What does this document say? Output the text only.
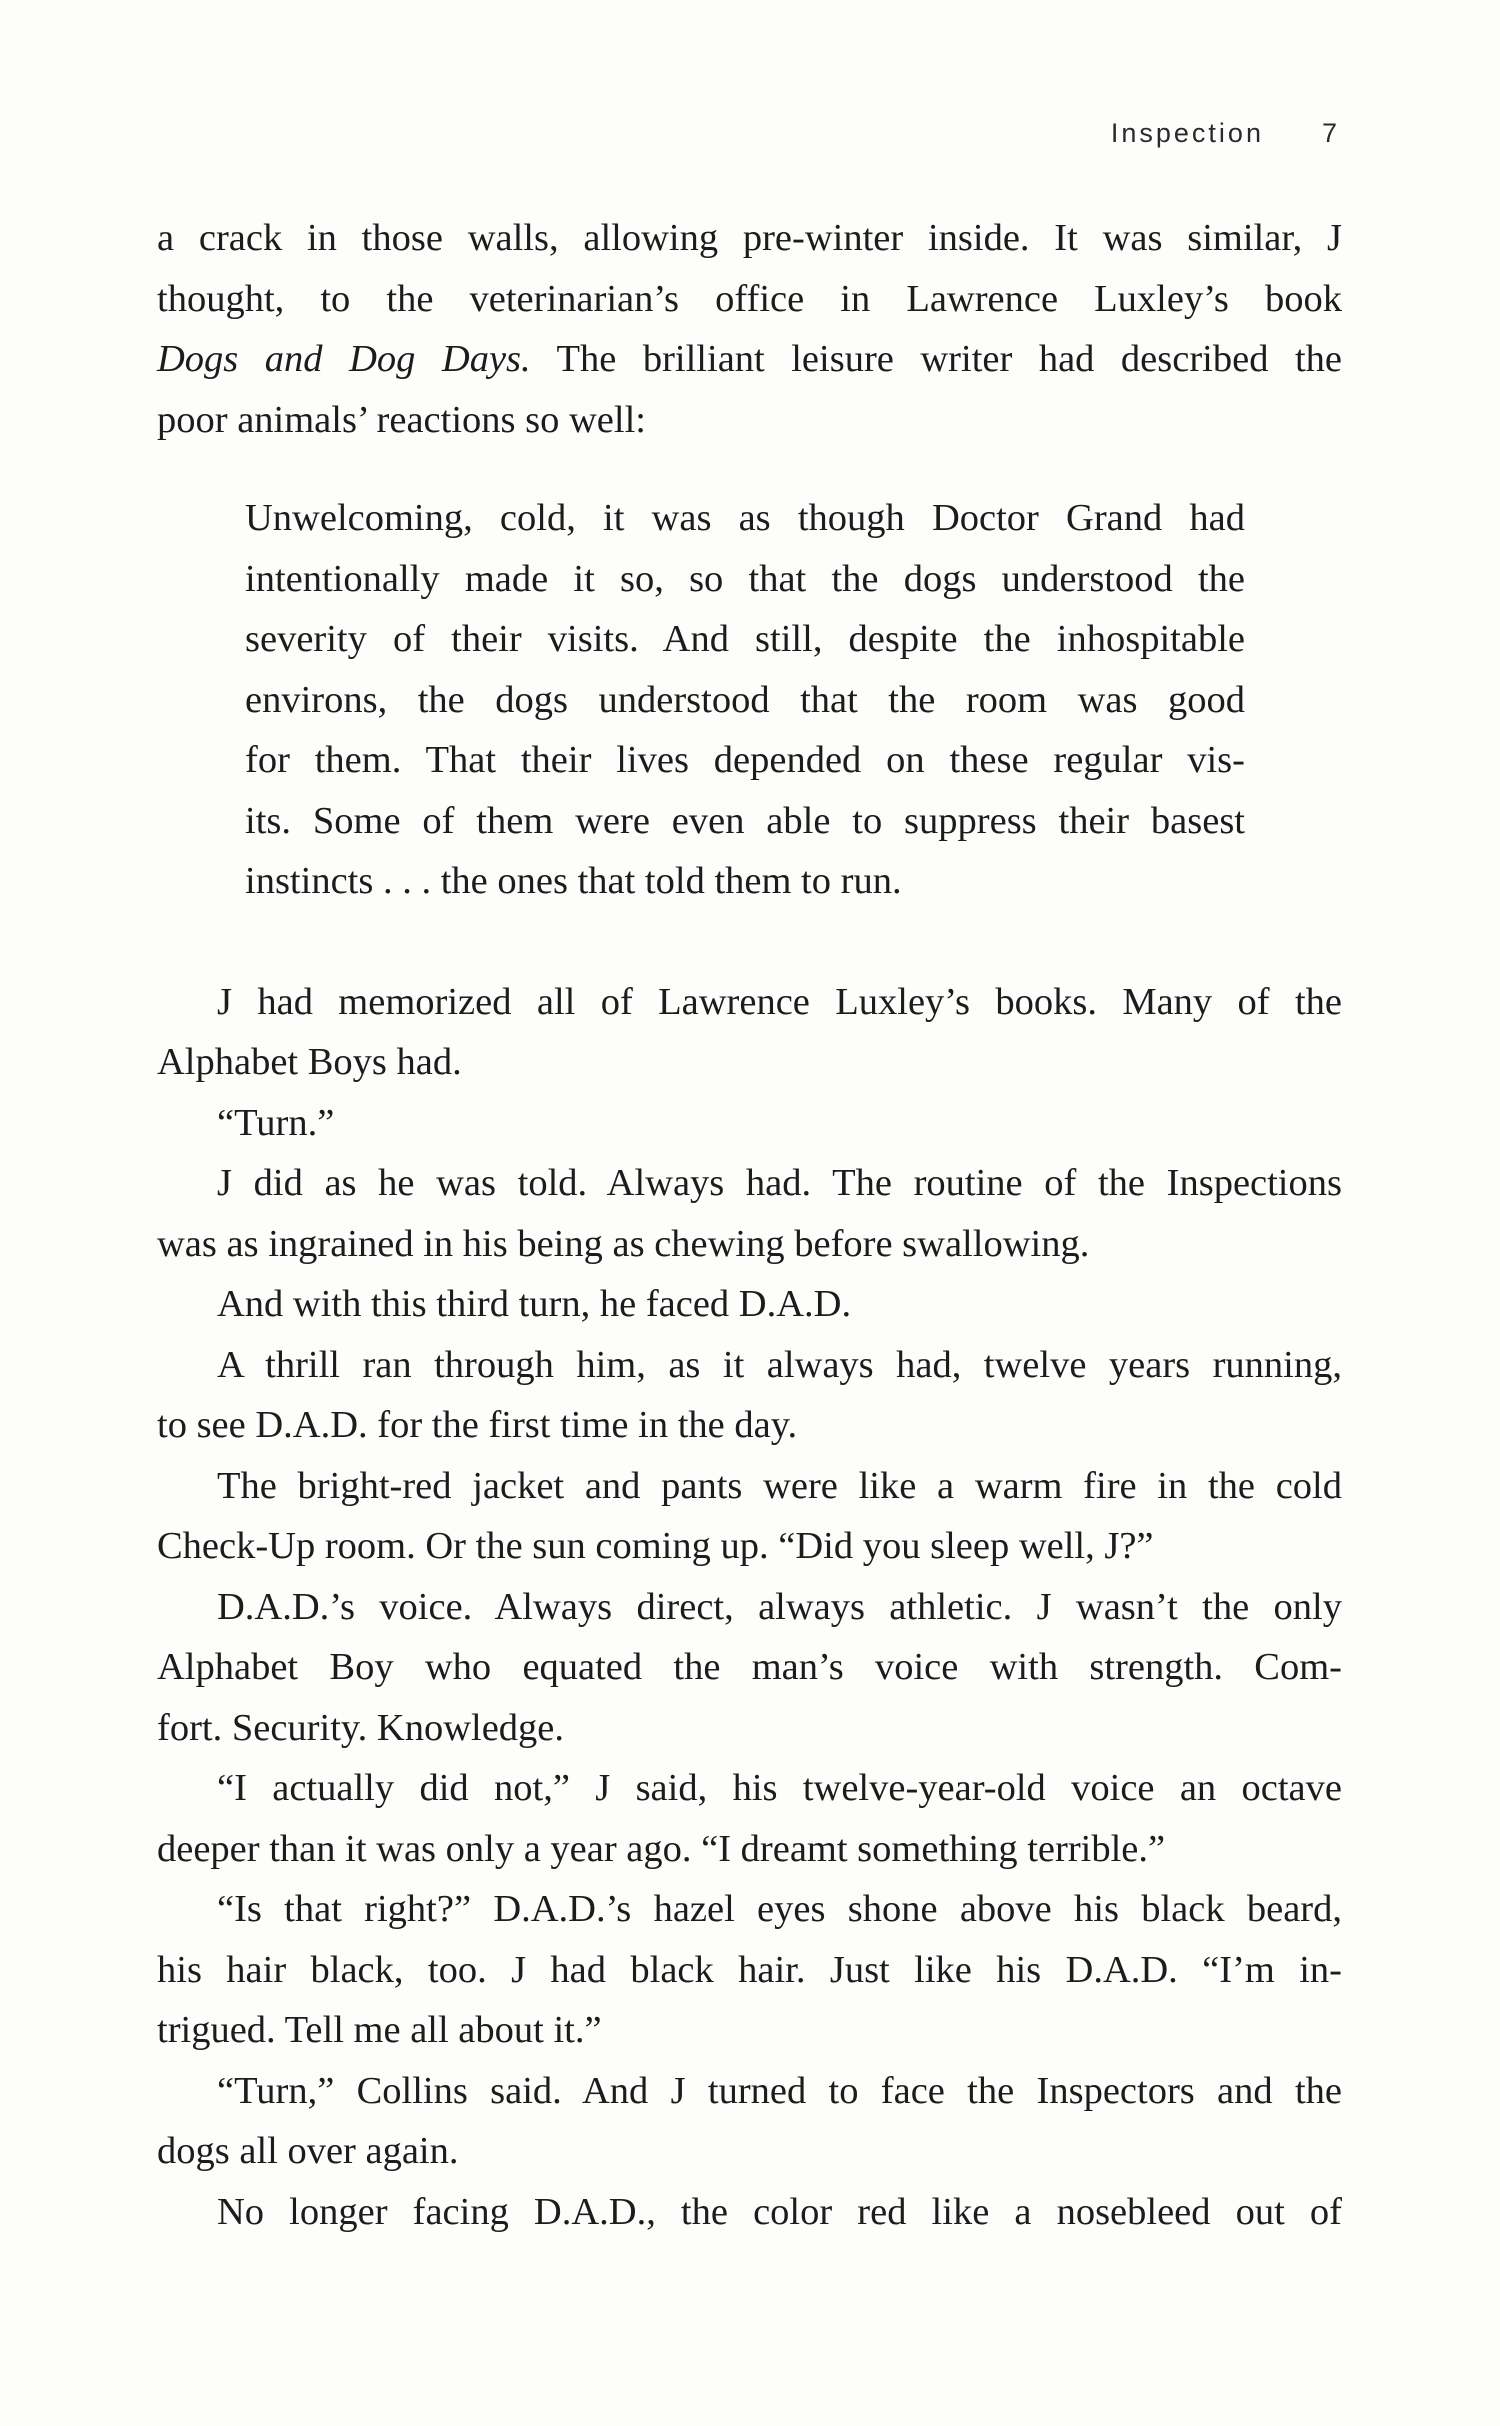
Inspection 7
a crack in those walls, allowing pre-winter inside. It was similar, J
thought, to the veterinarian’s office in Lawrence Luxley’s book
Dogs and Dog Days. The brilliant leisure writer had described the
poor animals’ reactions so well:
Unwelcoming, cold, it was as though Doctor Grand had
intentionally made it so, so that the dogs understood the
severity of their visits. And still, despite the inhospitable
environs, the dogs understood that the room was good
for them. That their lives depended on these regular vis-
its. Some of them were even able to suppress their basest
instincts . . . the ones that told them to run.
J had memorized all of Lawrence Luxley’s books. Many of the
Alphabet Boys had.
“Turn.”
J did as he was told. Always had. The routine of the Inspections
was as ingrained in his being as chewing before swallowing.
And with this third turn, he faced D.A.D.
A thrill ran through him, as it always had, twelve years running,
to see D.A.D. for the first time in the day.
The bright-red jacket and pants were like a warm fire in the cold
Check-Up room. Or the sun coming up. “Did you sleep well, J?”
D.A.D.’s voice. Always direct, always athletic. J wasn’t the only
Alphabet Boy who equated the man’s voice with strength. Com-
fort. Security. Knowledge.
“I actually did not,” J said, his twelve-year-old voice an octave
deeper than it was only a year ago. “I dreamt something terrible.”
“Is that right?” D.A.D.’s hazel eyes shone above his black beard,
his hair black, too. J had black hair. Just like his D.A.D. “I’m in-
trigued. Tell me all about it.”
“Turn,” Collins said. And J turned to face the Inspectors and the
dogs all over again.
No longer facing D.A.D., the color red like a nosebleed out of
